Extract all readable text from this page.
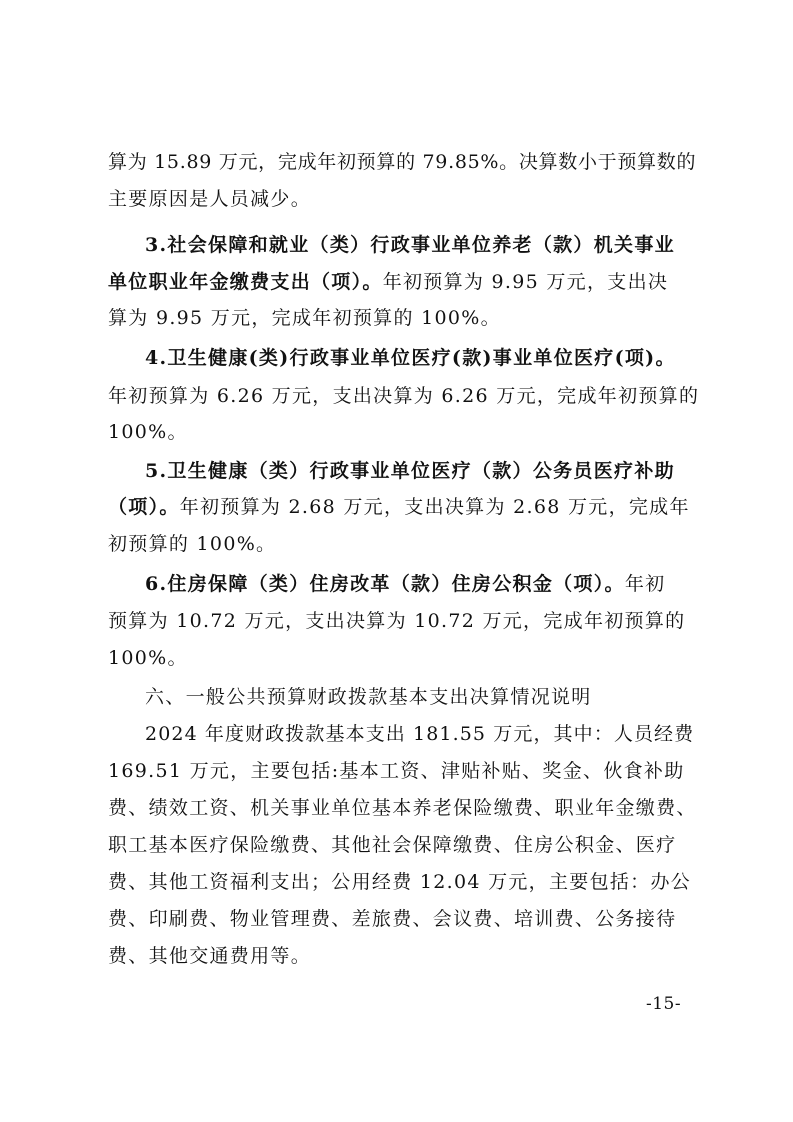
算为 15.89 万元，完成年初预算的 79.85%。决算数小于预算数的
主要原因是人员减少。
3.社会保障和就业（类）行政事业单位养老（款）机关事业
单位职业年金缴费支出（项）。年初预算为 9.95 万元，支出决
算为 9.95 万元，完成年初预算的 100%。
4.卫生健康(类)行政事业单位医疗(款)事业单位医疗(项)。
年初预算为 6.26 万元，支出决算为 6.26 万元，完成年初预算的
100%。
5.卫生健康（类）行政事业单位医疗（款）公务员医疗补助
（项）。年初预算为 2.68 万元，支出决算为 2.68 万元，完成年
初预算的 100%。
6.住房保障（类）住房改革（款）住房公积金（项）。年初
预算为 10.72 万元，支出决算为 10.72 万元，完成年初预算的
100%。
六、一般公共预算财政拨款基本支出决算情况说明
2024 年度财政拨款基本支出 181.55 万元，其中：人员经费
169.51 万元，主要包括:基本工资、津贴补贴、奖金、伙食补助
费、绩效工资、机关事业单位基本养老保险缴费、职业年金缴费、
职工基本医疗保险缴费、其他社会保障缴费、住房公积金、医疗
费、其他工资福利支出；公用经费 12.04 万元，主要包括：办公
费、印刷费、物业管理费、差旅费、会议费、培训费、公务接待
费、其他交通费用等。
-15-
